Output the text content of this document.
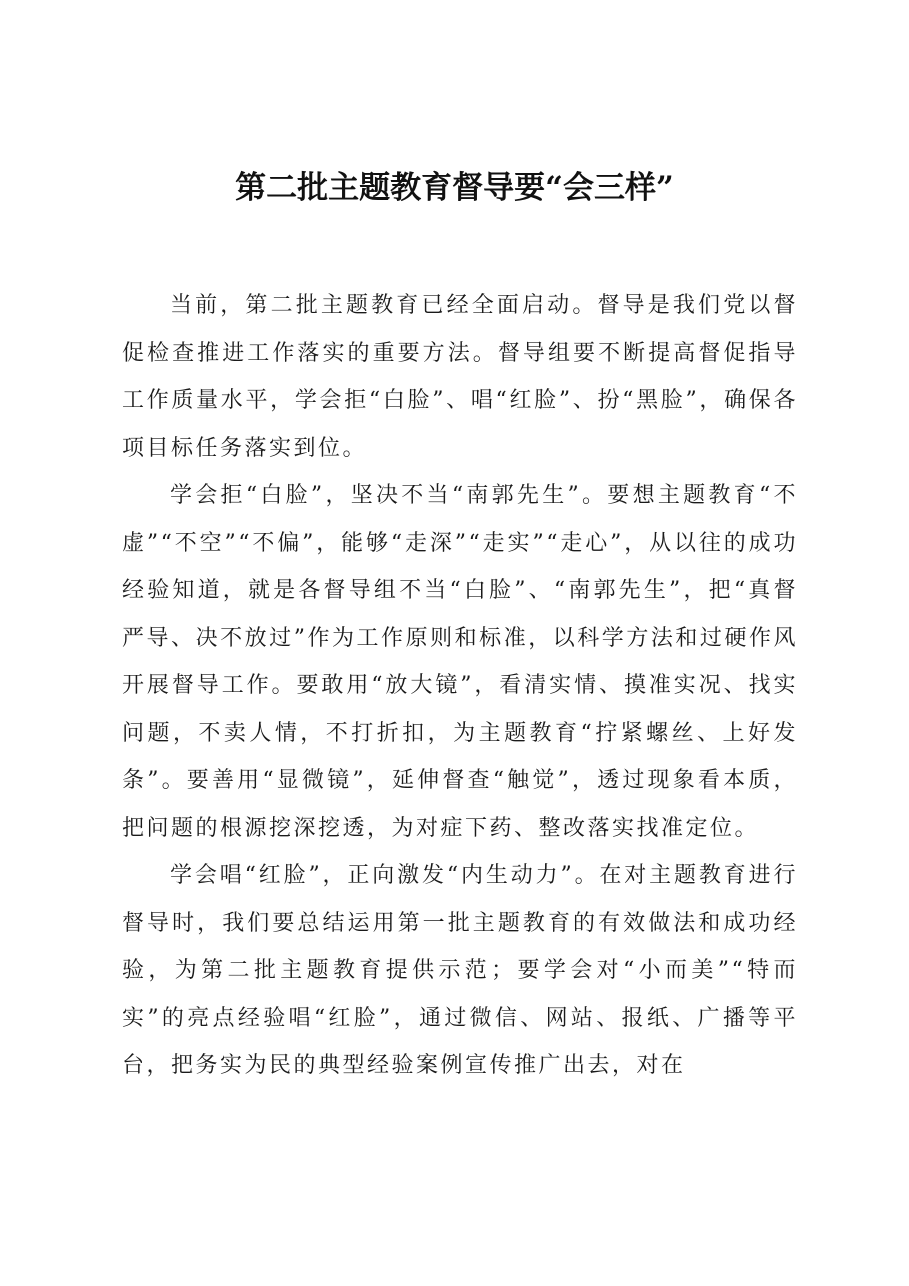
第二批主题教育督导要“会三样”

当前，第二批主题教育已经全面启动。督导是我们党以督促检查推进工作落实的重要方法。督导组要不断提高督促指导工作质量水平，学会拒“白脸”、唱“红脸”、扮“黑脸”，确保各项目标任务落实到位。

学会拒“白脸”，坚决不当“南郭先生”。要想主题教育“不虚”“不空”“不偏”，能够“走深”“走实”“走心”，从以往的成功经验知道，就是各督导组不当“白脸”、“南郭先生”，把“真督严导、决不放过”作为工作原则和标准，以科学方法和过硬作风开展督导工作。要敢用“放大镜”，看清实情、摸准实况、找实问题，不卖人情，不打折扣，为主题教育“拧紧螺丝、上好发条”。要善用“显微镜”，延伸督查“触觉”，透过现象看本质，把问题的根源挖深挖透，为对症下药、整改落实找准定位。

学会唱“红脸”，正向激发“内生动力”。在对主题教育进行督导时，我们要总结运用第一批主题教育的有效做法和成功经验，为第二批主题教育提供示范；要学会对“小而美”“特而实”的亮点经验唱“红脸”，通过微信、网站、报纸、广播等平台，把务实为民的典型经验案例宣传推广出去，对在
